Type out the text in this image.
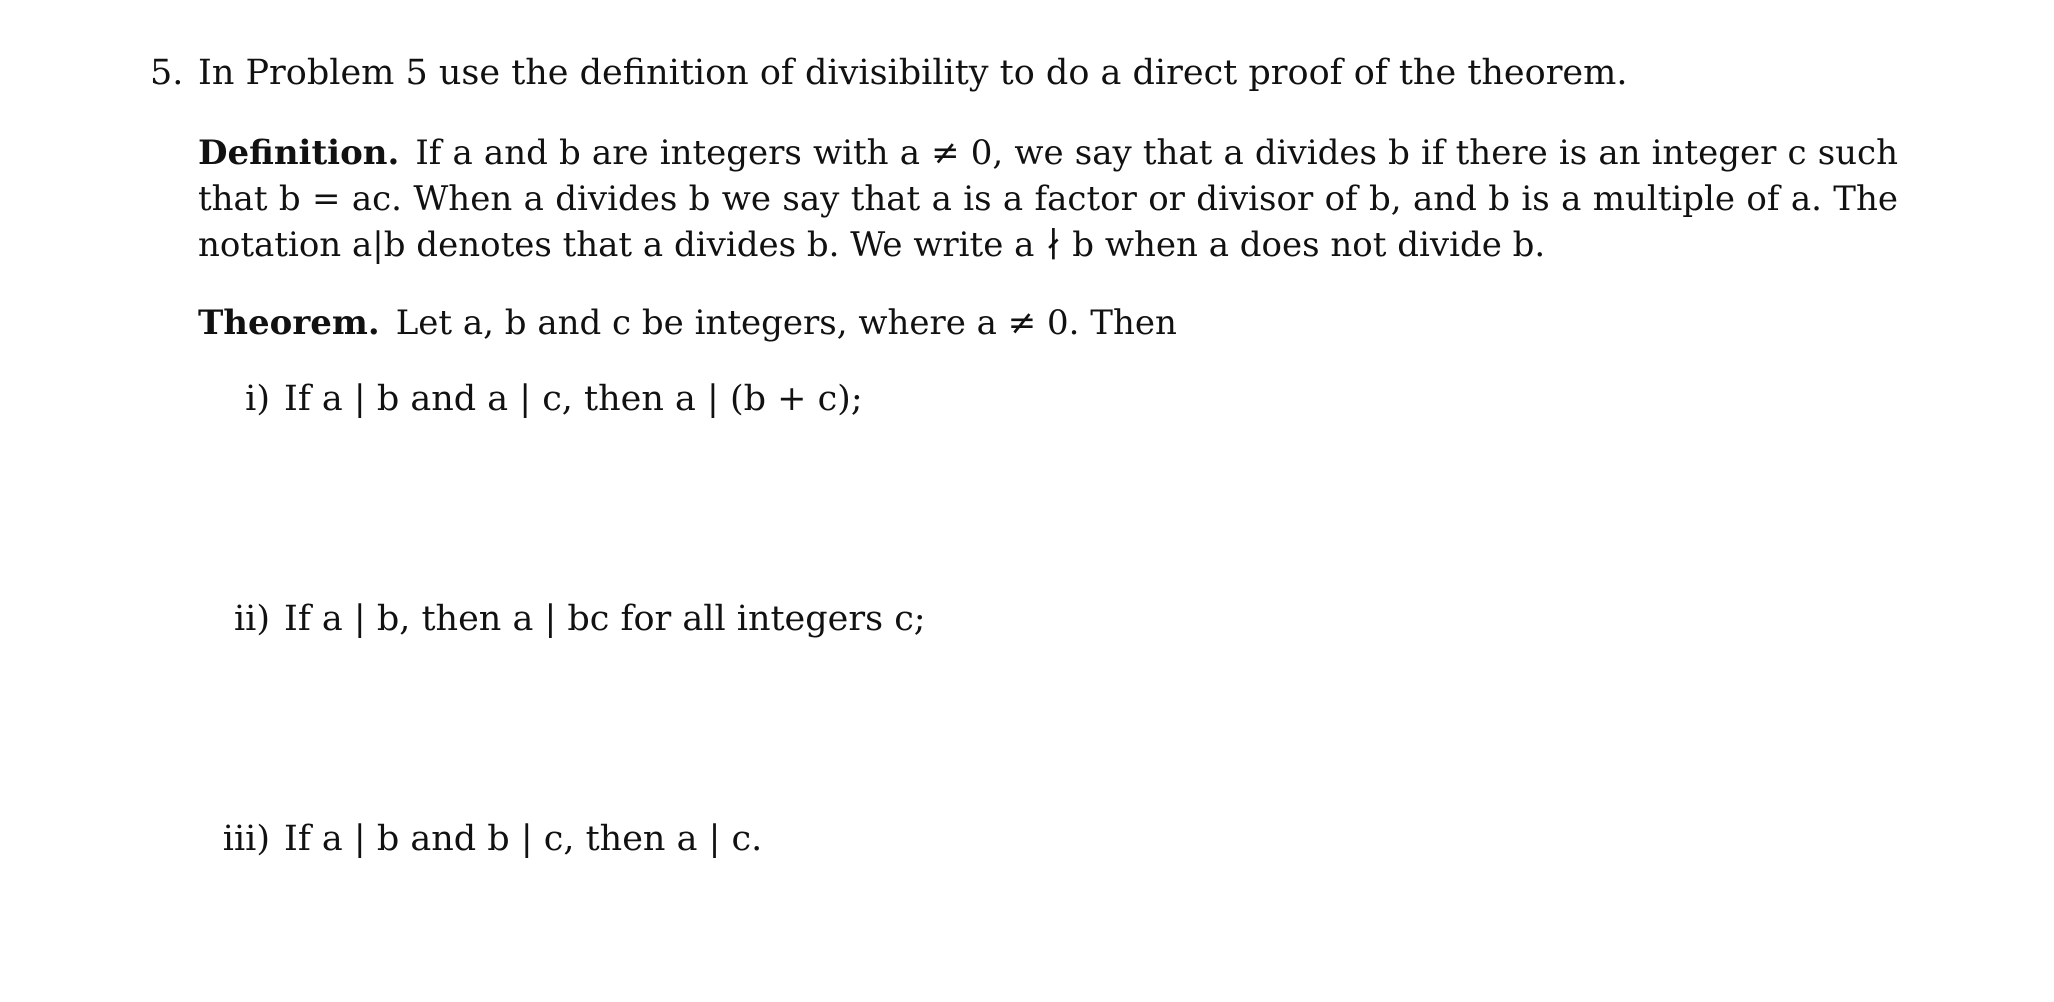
5. In Problem 5 use the definition of divisibility to do a direct proof of the theorem.
Definition. If a and b are integers with a ≠ 0, we say that a divides b if there is an integer c such that b = ac. When a divides b we say that a is a factor or divisor of b, and b is a multiple of a. The notation a|b denotes that a divides b. We write a ∤ b when a does not divide b.
Theorem. Let a, b and c be integers, where a ≠ 0. Then
i) If a | b and a | c, then a | (b + c);
ii) If a | b, then a | bc for all integers c;
iii) If a | b and b | c, then a | c.
